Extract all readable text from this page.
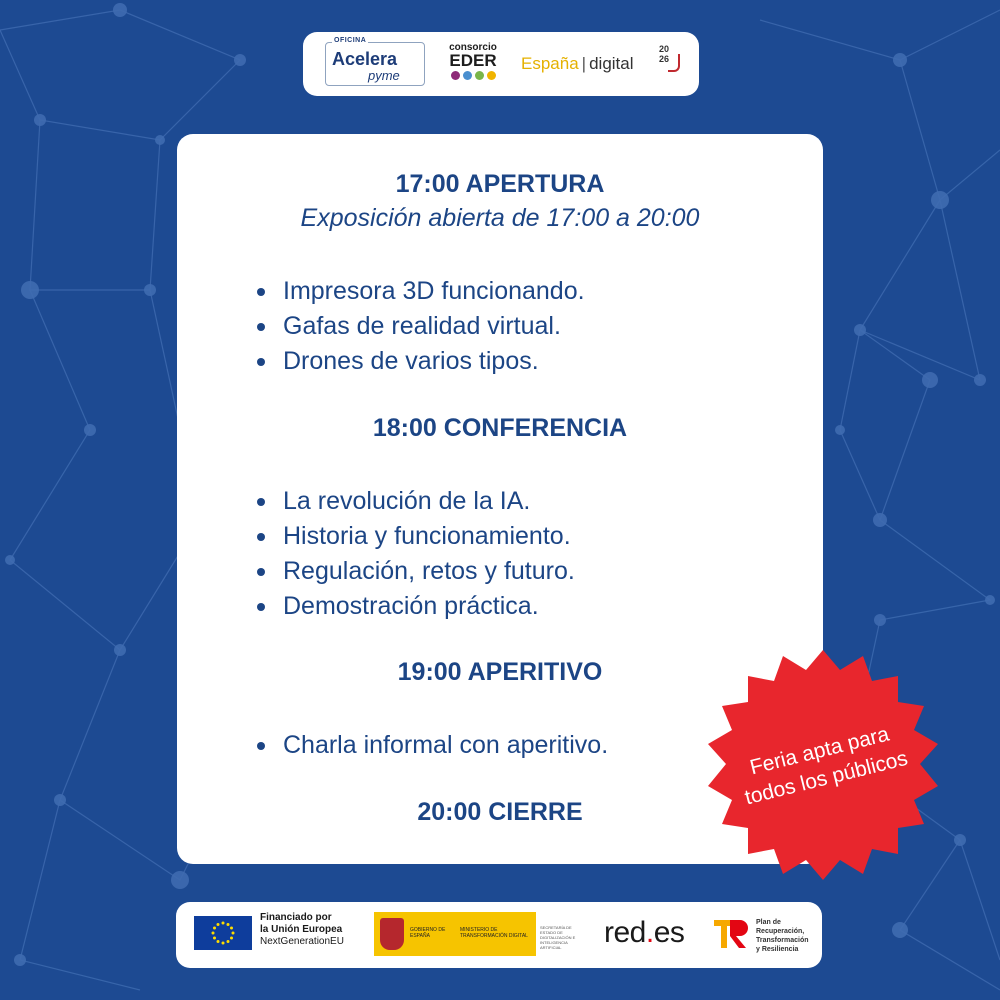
OFICINA
Acelera
pyme
consorcio
EDER	España | digital
20
26
17:00 APERTURA

Exposición abierta de 17:00 a 20:00

Impresora 3D funcionando.
Gafas de realidad virtual.
Drones de varios tipos.
18:00 CONFERENCIA
La revolución de la IA.
Historia y funcionamiento.
Regulación, retos y futuro.
Demostración práctica.
19:00 APERITIVO
Charla informal con aperitivo.
20:00 CIERRE
Feria apta para todos los públicos
Financiado por
la Unión Europea
NextGenerationEU
GOBIERNO DE ESPAÑA
MINISTERIO DE TRANSFORMACIÓN DIGITAL
SECRETARÍA DE ESTADO DE DIGITALIZACIÓN E INTELIGENCIA ARTIFICIAL	red.es	Plan de
Recuperación,
Transformación
y Resiliencia
